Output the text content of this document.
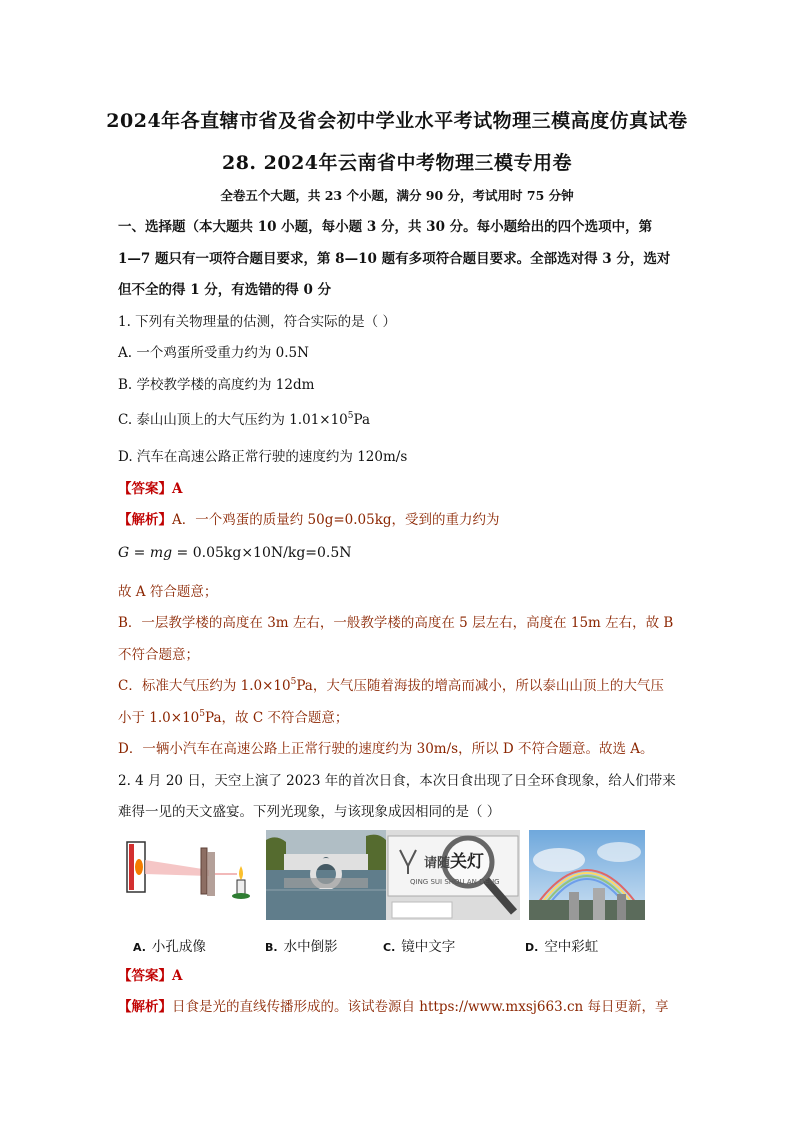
2024年各直辖市省及省会初中学业水平考试物理三模高度仿真试卷
28. 2024年云南省中考物理三模专用卷
全卷五个大题，共 23 个小题，满分 90 分，考试用时 75 分钟
一、选择题（本大题共 10 小题，每小题 3 分，共 30 分。每小题给出的四个选项中，第
1—7 题只有一项符合题目要求，第 8—10 题有多项符合题目要求。全部选对得 3 分，选对
但不全的得 1 分，有选错的得 0 分
1. 下列有关物理量的估测，符合实际的是（ ）
A. 一个鸡蛋所受重力约为 0.5N
B. 学校教学楼的高度约为 12dm
C. 泰山山顶上的大气压约为 $1.01\times 10^5Pa$
D. 汽车在高速公路正常行驶的速度约为 120m/s
【答案】A
【解析】A．一个鸡蛋的质量约 50g=0.05kg，受到的重力约为
G = mg = 0.05kg×10N/kg=0.5N
故 A 符合题意；
B．一层教学楼的高度在 3m 左右，一般教学楼的高度在 5 层左右，高度在 15m 左右，故 B
不符合题意；
C．标准大气压约为 $1.0\times 10^5Pa$，大气压随着海拔的增高而减小，所以泰山山顶上的大气压
小于 $1.0\times 10^5Pa$，故 C 不符合题意；
D．一辆小汽车在高速公路上正常行驶的速度约为 30m/s，所以 D 不符合题意。故选 A。
2. 4 月 20 日，天空上演了 2023 年的首次日食，本次日食出现了日全环食现象，给人们带来
难得一见的天文盛宴。下列光现象，与该现象成因相同的是（ ）
请随 关灯
QING SUI SHOU AN DENG
A. 小孔成像	B. 水中倒影	C. 镜中文字	D. 空中彩虹
【答案】A
【解析】日食是光的直线传播形成的。该试卷源自 https://www.mxsj663.cn 每日更新，享
